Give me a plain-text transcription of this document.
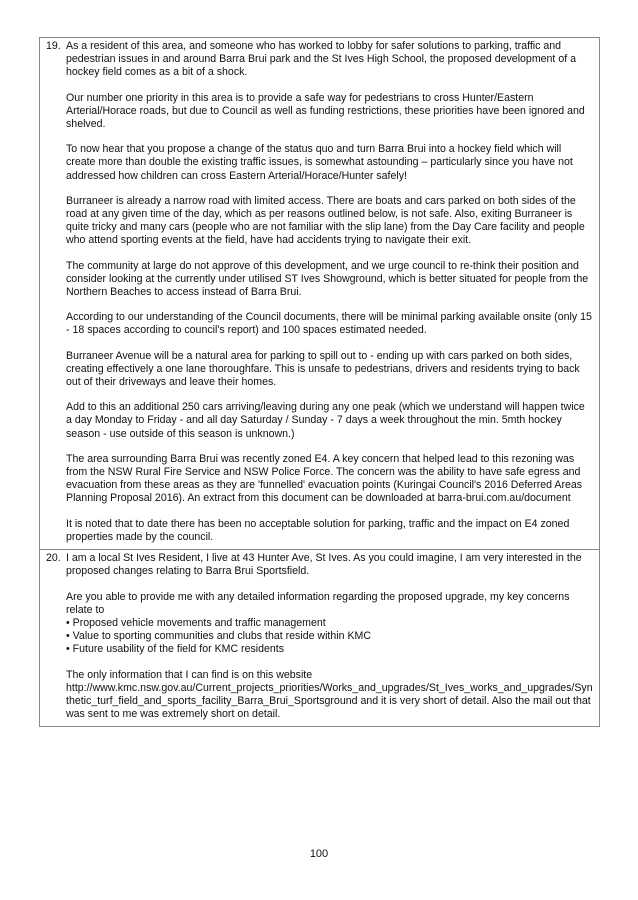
19. As a resident of this area, and someone who has worked to lobby for safer solutions to parking, traffic and pedestrian issues in and around Barra Brui park and the St Ives High School, the proposed development of a hockey field comes as a bit of a shock.

Our number one priority in this area is to provide a safe way for pedestrians to cross Hunter/Eastern Arterial/Horace roads, but due to Council as well as funding restrictions, these priorities have been ignored and shelved.

To now hear that you propose a change of the status quo and turn Barra Brui into a hockey field which will create more than double the existing traffic issues, is somewhat astounding – particularly since you have not addressed how children can cross Eastern Arterial/Horace/Hunter safely!

Burraneer is already a narrow road with limited access. There are boats and cars parked on both sides of the road at any given time of the day, which as per reasons outlined below, is not safe. Also, exiting Burraneer is quite tricky and many cars (people who are not familiar with the slip lane) from the Day Care facility and people who attend sporting events at the field, have had accidents trying to navigate their exit.

The community at large do not approve of this development, and we urge council to re-think their position and consider looking at the currently under utilised ST Ives Showground, which is better situated for people from the Northern Beaches to access instead of Barra Brui.

According to our understanding of the Council documents, there will be minimal parking available onsite (only 15 - 18 spaces according to council's report) and 100 spaces estimated needed.

Burraneer Avenue will be a natural area for parking to spill out to - ending up with cars parked on both sides, creating effectively a one lane thoroughfare. This is unsafe to pedestrians, drivers and residents trying to back out of their driveways and leave their homes.

Add to this an additional 250 cars arriving/leaving during any one peak (which we understand will happen twice a day Monday to Friday - and all day Saturday / Sunday - 7 days a week throughout the min. 5mth hockey season - use outside of this season is unknown.)

The area surrounding Barra Brui was recently zoned E4. A key concern that helped lead to this rezoning was from the NSW Rural Fire Service and NSW Police Force. The concern was the ability to have safe egress and evacuation from these areas as they are 'funnelled' evacuation points (Kuringai Council's 2016 Deferred Areas Planning Proposal 2016). An extract from this document can be downloaded at barra-brui.com.au/document

It is noted that to date there has been no acceptable solution for parking, traffic and the impact on E4 zoned properties made by the council.

20. I am a local St Ives Resident, I live at 43 Hunter Ave, St Ives. As you could imagine, I am very interested in the proposed changes relating to Barra Brui Sportsfield.

Are you able to provide me with any detailed information regarding the proposed upgrade, my key concerns relate to
• Proposed vehicle movements and traffic management
• Value to sporting communities and clubs that reside within KMC
• Future usability of the field for KMC residents

The only information that I can find is on this website
http://www.kmc.nsw.gov.au/Current_projects_priorities/Works_and_upgrades/St_Ives_works_and_upgrades/Synthetic_turf_field_and_sports_facility_Barra_Brui_Sportsground and it is very short of detail. Also the mail out that was sent to me was extremely short on detail.

100
